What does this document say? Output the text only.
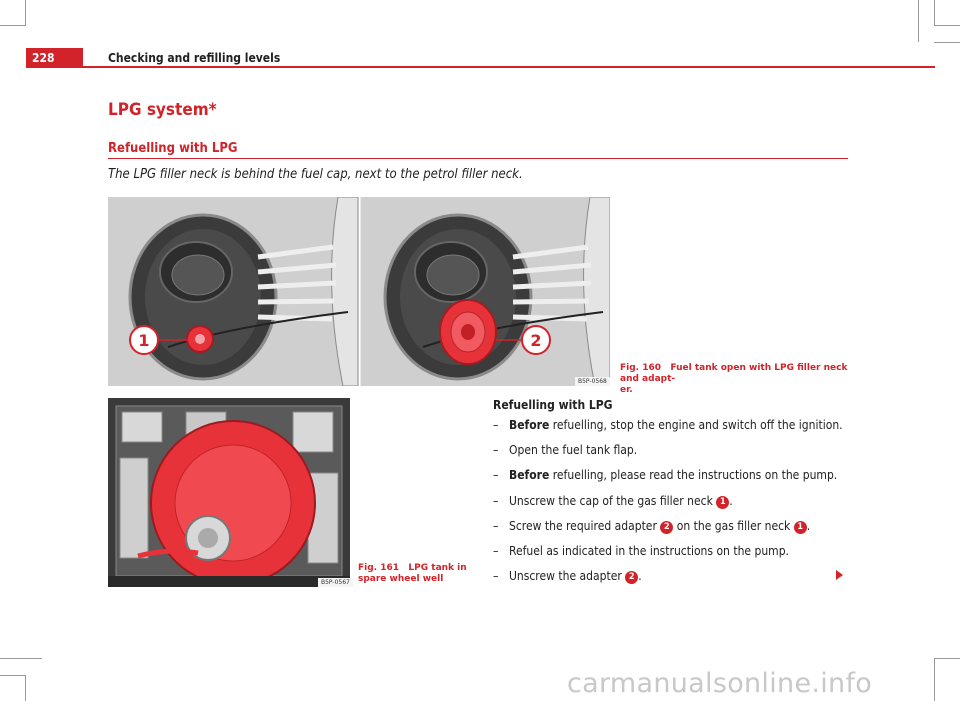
228	Checking and refilling levels
LPG system*
Refuelling with LPG
The LPG filler neck is behind the fuel cap, next to the petrol filler neck.
1	2
B5P-0568
Fig. 160 Fuel tank open with LPG filler neck and adapt-
er.
B5P-0567
Fig. 161 LPG tank in
spare wheel well
Refuelling with LPG
– Before refuelling, stop the engine and switch off the ignition.
– Open the fuel tank flap.
– Before refuelling, please read the instructions on the pump.
– Unscrew the cap of the gas filler neck 1 .
– Screw the required adapter 2 on the gas filler neck 1 .
– Refuel as indicated in the instructions on the pump.
– Unscrew the adapter 2 .
carmanualsonline.info
